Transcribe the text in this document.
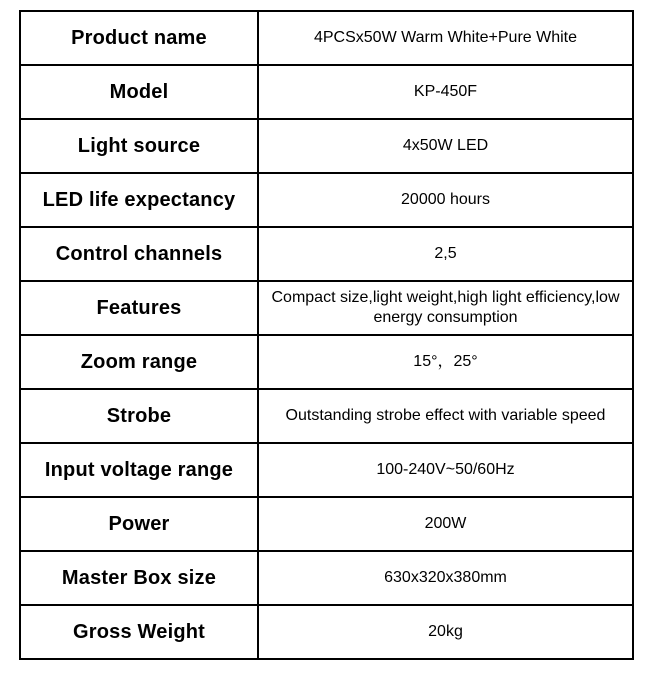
Product name	4PCSx50W Warm White+Pure White
Model	KP-450F
Light source	4x50W LED
LED life expectancy	20000 hours
Control channels	2,5
Features	Compact size,light weight,high light efficiency,low energy consumption
Zoom range	15°，25°
Strobe	Outstanding strobe effect with variable speed
Input voltage range	100-240V~50/60Hz
Power	200W
Master Box size	630x320x380mm
Gross Weight	20kg
